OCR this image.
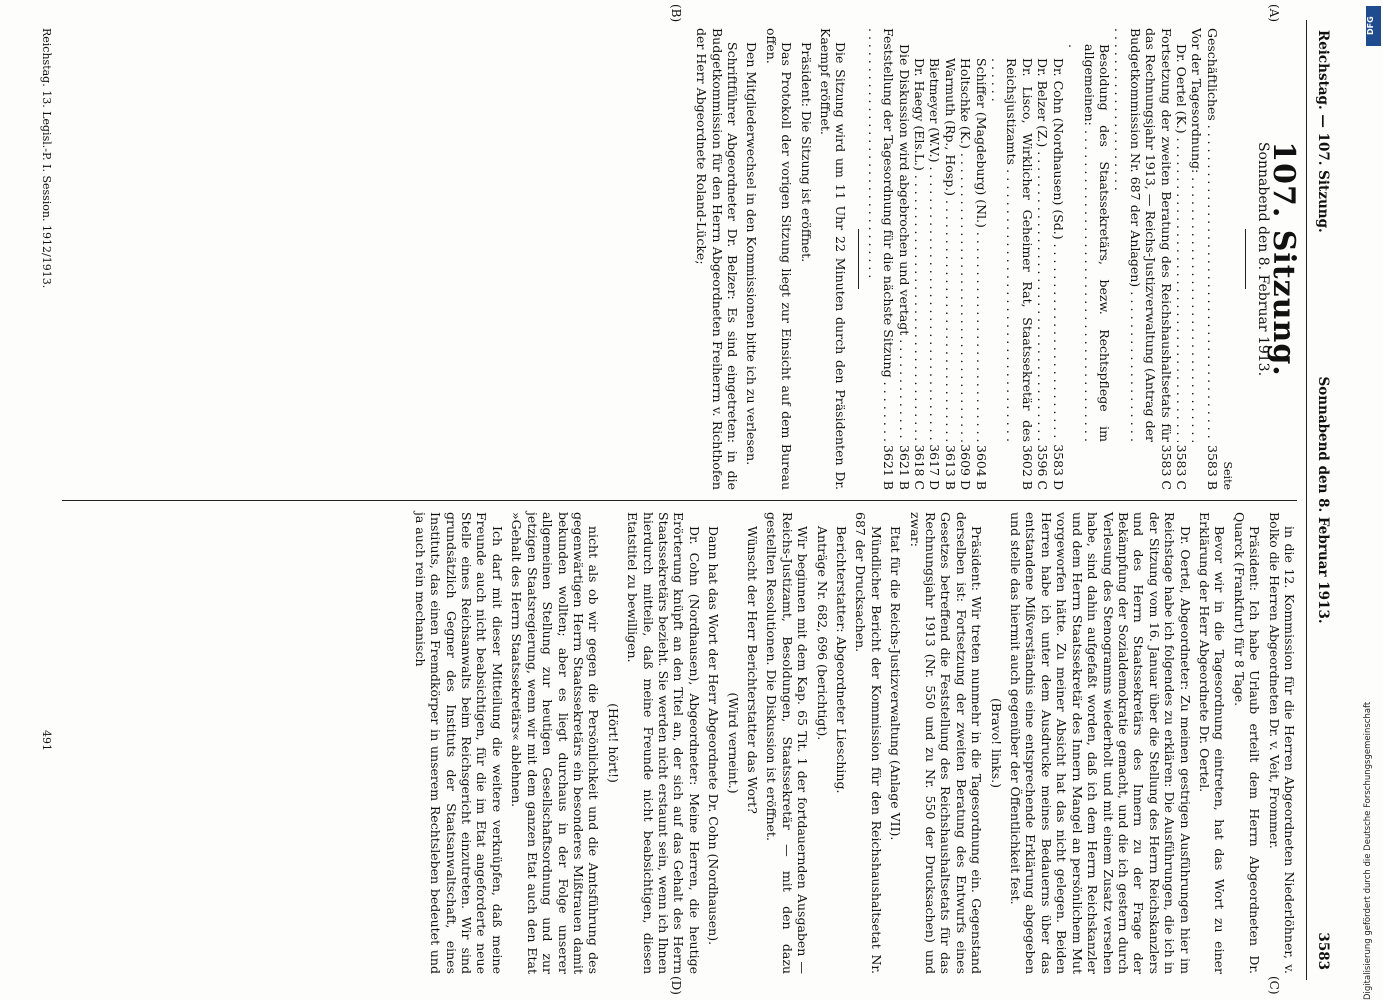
Reichstag. — 107. Sitzung.
Sonnabend den 8. Februar 1913.
3583
(A)
(B)
(C)
(D)
107. Sitzung.
Sonnabend den 8. Februar 1913.
Seite
Geschäftliches . . .
3583 B
Vor der Tagesordnung: . . .
Dr. Oertel (K.) . . .
3583 C
Fortsetzung der zweiten Beratung des Reichshaushaltsetats für das Rechnungsjahr 1913, — Reichs-Justizverwaltung (Antrag der Budgetkommission Nr. 687 der Anlagen) . . .
3583 C
Besoldung des Staatssekretärs, bezw. Rechtspflege im allgemeinen: . . .
Dr. Cohn (Nordhausen) (Sd.) . . .
3583 D
Dr. Belzer (Z.) . . .
3596 C
Dr. Lisco, Wirklicher Geheimer Rat, Staatssekretär des Reichsjustizamts . . .
3602 B
Schiffer (Magdeburg) (Nl.) . . .
3604 B
Holtschke (K.) . . .
3609 D
Warmuth (Rp., Hosp.) . . .
3613 B
Bietmeyer (W.V.) . . .
3617 D
Dr. Haegy (Els.L.) . . .
3618 C
Die Diskussion wird abgebrochen und vertagt . . .
3621 B
Feststellung der Tagesordnung für die nächste Sitzung . . .
3621 B

Die Sitzung wird um 11 Uhr 22 Minuten durch den Präsidenten Dr. Kaempf eröffnet.

Präsident: Die Sitzung ist eröffnet.

Das Protokoll der vorigen Sitzung liegt zur Einsicht auf dem Bureau offen.

Den Mitgliederwechsel in den Kommissionen bitte ich zu verlesen.

Schriftführer Abgeordneter Dr. Belzer: Es sind eingetreten: in die Budgetkommission für den Herrn Abgeordneten Freiherrn v. Richthofen der Herr Abgeordnete Roland-Lücke;

in die 12. Kommission für die Herren Abgeordneten Niederlöhner, v. Bolko die Herren Abgeordneten Dr. v. Veit, Frommer.

Präsident: Ich habe Urlaub erteilt dem Herrn Abgeordneten Dr. Quarck (Frankfurt) für 8 Tage.

Bevor wir in die Tagesordnung eintreten, hat das Wort zu einer Erklärung der Herr Abgeordnete Dr. Oertel.

Dr. Oertel, Abgeordneter: Zu meinen gestrigen Ausführungen hier im Reichstage habe ich folgendes zu erklären: Die Ausführungen, die ich in der Sitzung vom 16. Januar über die Stellung des Herrn Reichskanzlers und des Herrn Staatssekretärs des Innern zu der Frage der Bekämpfung der Sozialdemokratie gemacht, und die ich gestern durch Verlesung des Stenogramms wiederholt und mit einem Zusatz versehen habe, sind dahin aufgefaßt worden, daß ich dem Herrn Reichskanzler und dem Herrn Staatssekretär des Innern Mangel an persönlichem Mut vorgeworfen hätte. Zu meiner Absicht hat das nicht gelegen. Beiden Herren habe ich unter dem Ausdrucke meines Bedauerns über das entstandene Mißverständnis eine entsprechende Erklärung abgegeben und stelle das hiermit auch gegenüber der Öffentlichkeit fest.

(Bravo! links.)

Präsident: Wir treten nunmehr in die Tagesordnung ein. Gegenstand derselben ist: Fortsetzung der zweiten Beratung des Entwurfs eines Gesetzes betreffend die Feststellung des Reichshaushaltsetats für das Rechnungsjahr 1913 (Nr. 550 und zu Nr. 550 der Drucksachen) und zwar:

Etat für die Reichs-Justizverwaltung (Anlage VII).

Mündlicher Bericht der Kommission für den Reichshaushaltsetat Nr. 687 der Drucksachen.

Berichterstatter: Abgeordneter Liesching.

Anträge Nr. 682, 696 (berichtigt).

Wir beginnen mit dem Kap. 65 Tit. 1 der fortdauernden Ausgaben — Reichs-Justizamt, Besoldungen, Staatssekretär — mit den dazu gestellten Resolutionen. Die Diskussion ist eröffnet.

Wünscht der Herr Berichterstatter das Wort?

(Wird verneint.)

Dann hat das Wort der Herr Abgeordnete Dr. Cohn (Nordhausen).

Dr. Cohn (Nordhausen), Abgeordneter: Meine Herren, die heutige Erörterung knüpft an den Titel an, der sich auf das Gehalt des Herrn Staatssekretärs bezieht. Sie werden nicht erstaunt sein, wenn ich Ihnen hierdurch mitteile, daß meine Freunde nicht beabsichtigen, diesen Etatstitel zu bewilligen.

(Hört! hört!)

nicht als ob wir gegen die Persönlichkeit und die Amtsführung des gegenwärtigen Herrn Staatssekretärs ein besonderes Mißtrauen damit bekunden wollten; aber es liegt durchaus in der Folge unserer allgemeinen Stellung zur heutigen Gesellschaftsordnung und zur jetzigen Staatsregierung, wenn wir mit dem ganzen Etat auch den Etat »Gehalt des Herrn Staatssekretärs« ablehnen.

Ich darf mit dieser Mitteilung die weitere verknüpfen, daß meine Freunde auch nicht beabsichtigen, für die im Etat angeforderte neue Stelle eines Reichsanwalts beim Reichsgericht einzutreten. Wir sind grundsätzlich Gegner des Instituts der Staatsanwaltschaft, eines Instituts, das einen Fremdkörper in unserem Rechtsleben bedeutet und ja auch rein mechanisch

Reichstag. 13. Legisl.-P. I. Session. 1912/1913.
491
DFG
Digitalisierung gefördert durch die Deutsche Forschungsgemeinschaft
